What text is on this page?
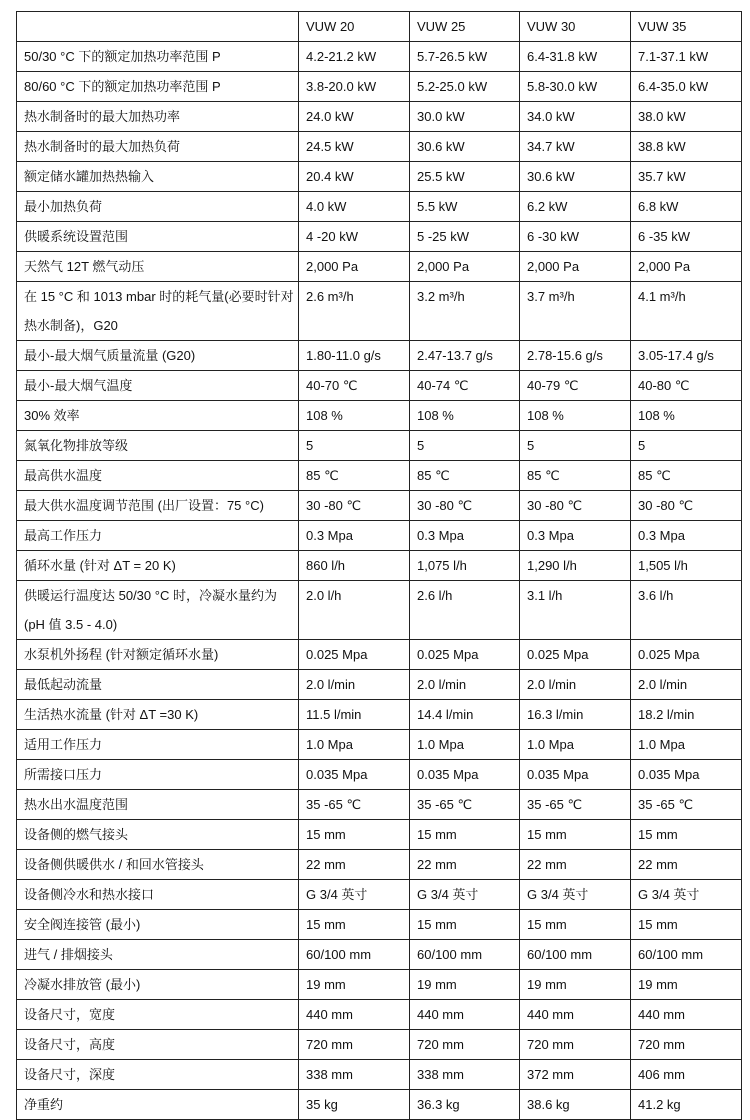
	VUW 20	VUW 25	VUW 30	VUW 35
50/30 °C 下的额定加热功率范围 P	4.2-21.2 kW	5.7-26.5 kW	6.4-31.8 kW	7.1-37.1 kW
80/60 °C 下的额定加热功率范围 P	3.8-20.0 kW	5.2-25.0 kW	5.8-30.0 kW	6.4-35.0 kW
热水制备时的最大加热功率	24.0 kW	30.0 kW	34.0 kW	38.0 kW
热水制备时的最大加热负荷	24.5 kW	30.6 kW	34.7 kW	38.8 kW
额定储水罐加热热输入	20.4 kW	25.5 kW	30.6 kW	35.7 kW
最小加热负荷	4.0 kW	5.5 kW	6.2 kW	6.8 kW
供暖系统设置范围	4 -20 kW	5 -25 kW	6 -30 kW	6 -35 kW
天然气 12T 燃气动压	2,000 Pa	2,000 Pa	2,000 Pa	2,000 Pa
在 15 °C 和 1013 mbar 时的耗气量(必要时针对热水制备)，G20	2.6 m³/h	3.2 m³/h	3.7 m³/h	4.1 m³/h
最小-最大烟气质量流量 (G20)	1.80-11.0 g/s	2.47-13.7 g/s	2.78-15.6 g/s	3.05-17.4 g/s
最小-最大烟气温度	40-70 ℃	40-74 ℃	40-79 ℃	40-80 ℃
30% 效率	108 %	108 %	108 %	108 %
氮氧化物排放等级	5	5	5	5
最高供水温度	85 ℃	85 ℃	85 ℃	85 ℃
最大供水温度调节范围 (出厂设置：75 °C)	30 -80 ℃	30 -80 ℃	30 -80 ℃	30 -80 ℃
最高工作压力	0.3 Mpa	0.3 Mpa	0.3 Mpa	0.3 Mpa
循环水量 (针对 ΔT = 20 K)	860 l/h	1,075 l/h	1,290 l/h	1,505 l/h
供暖运行温度达 50/30 °C 时，冷凝水量约为 (pH 值 3.5 - 4.0)	2.0 l/h	2.6 l/h	3.1 l/h	3.6 l/h
水泵机外扬程 (针对额定循环水量)	0.025 Mpa	0.025 Mpa	0.025 Mpa	0.025 Mpa
最低起动流量	2.0 l/min	2.0 l/min	2.0 l/min	2.0 l/min
生活热水流量 (针对 ΔT =30 K)	11.5 l/min	14.4 l/min	16.3 l/min	18.2 l/min
适用工作压力	1.0 Mpa	1.0 Mpa	1.0 Mpa	1.0 Mpa
所需接口压力	0.035 Mpa	0.035 Mpa	0.035 Mpa	0.035 Mpa
热水出水温度范围	35 -65 ℃	35 -65 ℃	35 -65 ℃	35 -65 ℃
设备侧的燃气接头	15 mm	15 mm	15 mm	15 mm
设备侧供暖供水 / 和回水管接头	22 mm	22 mm	22 mm	22 mm
设备侧冷水和热水接口	G 3/4 英寸	G 3/4 英寸	G 3/4 英寸	G 3/4 英寸
安全阀连接管 (最小)	15 mm	15 mm	15 mm	15 mm
进气 / 排烟接头	60/100 mm	60/100 mm	60/100 mm	60/100 mm
冷凝水排放管 (最小)	19 mm	19 mm	19 mm	19 mm
设备尺寸，宽度	440 mm	440 mm	440 mm	440 mm
设备尺寸，高度	720 mm	720 mm	720 mm	720 mm
设备尺寸，深度	338 mm	338 mm	372 mm	406 mm
净重约	35 kg	36.3 kg	38.6 kg	41.2 kg
